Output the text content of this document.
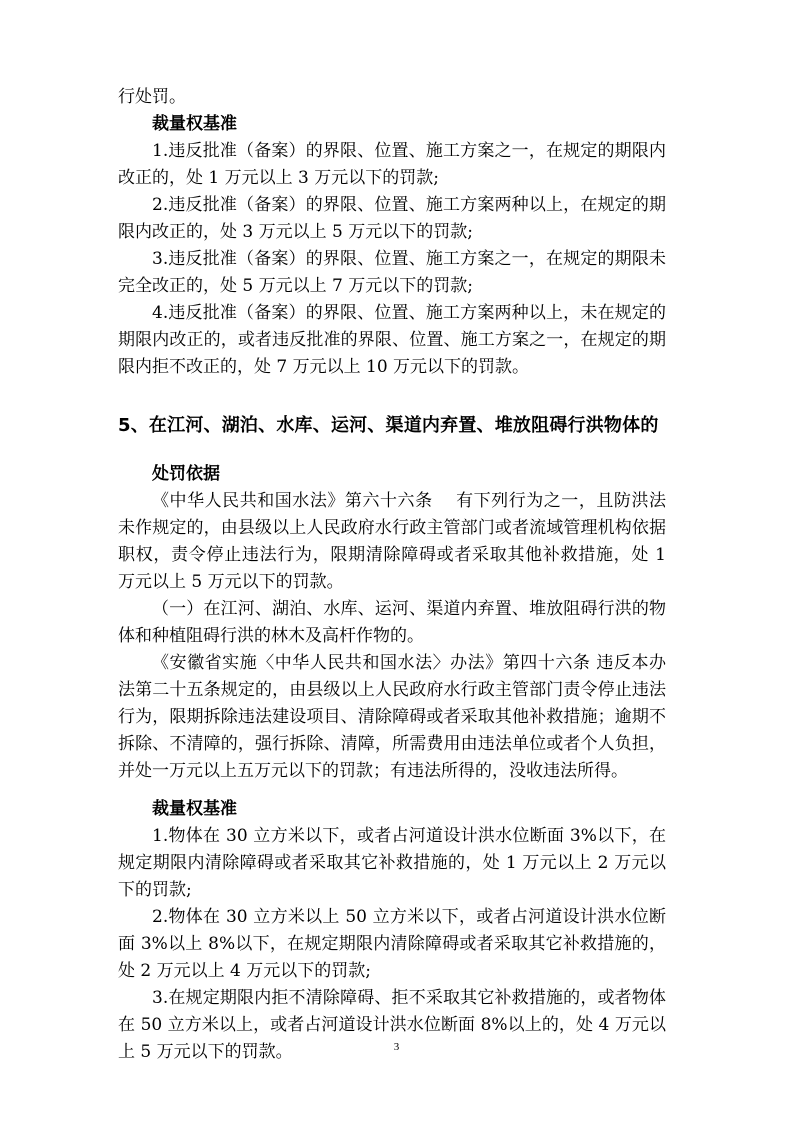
行处罚。

裁量权基准

1.违反批准（备案）的界限、位置、施工方案之一，在规定的期限内改正的，处 1 万元以上 3 万元以下的罚款;

2.违反批准（备案）的界限、位置、施工方案两种以上，在规定的期限内改正的，处 3 万元以上 5 万元以下的罚款;

3.违反批准（备案）的界限、位置、施工方案之一，在规定的期限未完全改正的，处 5 万元以上 7 万元以下的罚款;

4.违反批准（备案）的界限、位置、施工方案两种以上，未在规定的期限内改正的，或者违反批准的界限、位置、施工方案之一，在规定的期限内拒不改正的，处 7 万元以上 10 万元以下的罚款。

5、在江河、湖泊、水库、运河、渠道内弃置、堆放阻碍行洪物体的

处罚依据

《中华人民共和国水法》第六十六条　 有下列行为之一，且防洪法未作规定的，由县级以上人民政府水行政主管部门或者流域管理机构依据职权，责令停止违法行为，限期清除障碍或者采取其他补救措施，处 1 万元以上 5 万元以下的罚款。

（一）在江河、湖泊、水库、运河、渠道内弃置、堆放阻碍行洪的物体和种植阻碍行洪的林木及高杆作物的。

《安徽省实施〈中华人民共和国水法〉办法》第四十六条 违反本办法第二十五条规定的，由县级以上人民政府水行政主管部门责令停止违法行为，限期拆除违法建设项目、清除障碍或者采取其他补救措施；逾期不拆除、不清障的，强行拆除、清障，所需费用由违法单位或者个人负担，并处一万元以上五万元以下的罚款；有违法所得的，没收违法所得。

裁量权基准

1.物体在 30 立方米以下，或者占河道设计洪水位断面 3%以下，在规定期限内清除障碍或者采取其它补救措施的，处 1 万元以上 2 万元以下的罚款;

2.物体在 30 立方米以上 50 立方米以下，或者占河道设计洪水位断面 3%以上 8%以下，在规定期限内清除障碍或者采取其它补救措施的，处 2 万元以上 4 万元以下的罚款;

3.在规定期限内拒不清除障碍、拒不采取其它补救措施的，或者物体在 50 立方米以上，或者占河道设计洪水位断面 8%以上的，处 4 万元以上 5 万元以下的罚款。	3
